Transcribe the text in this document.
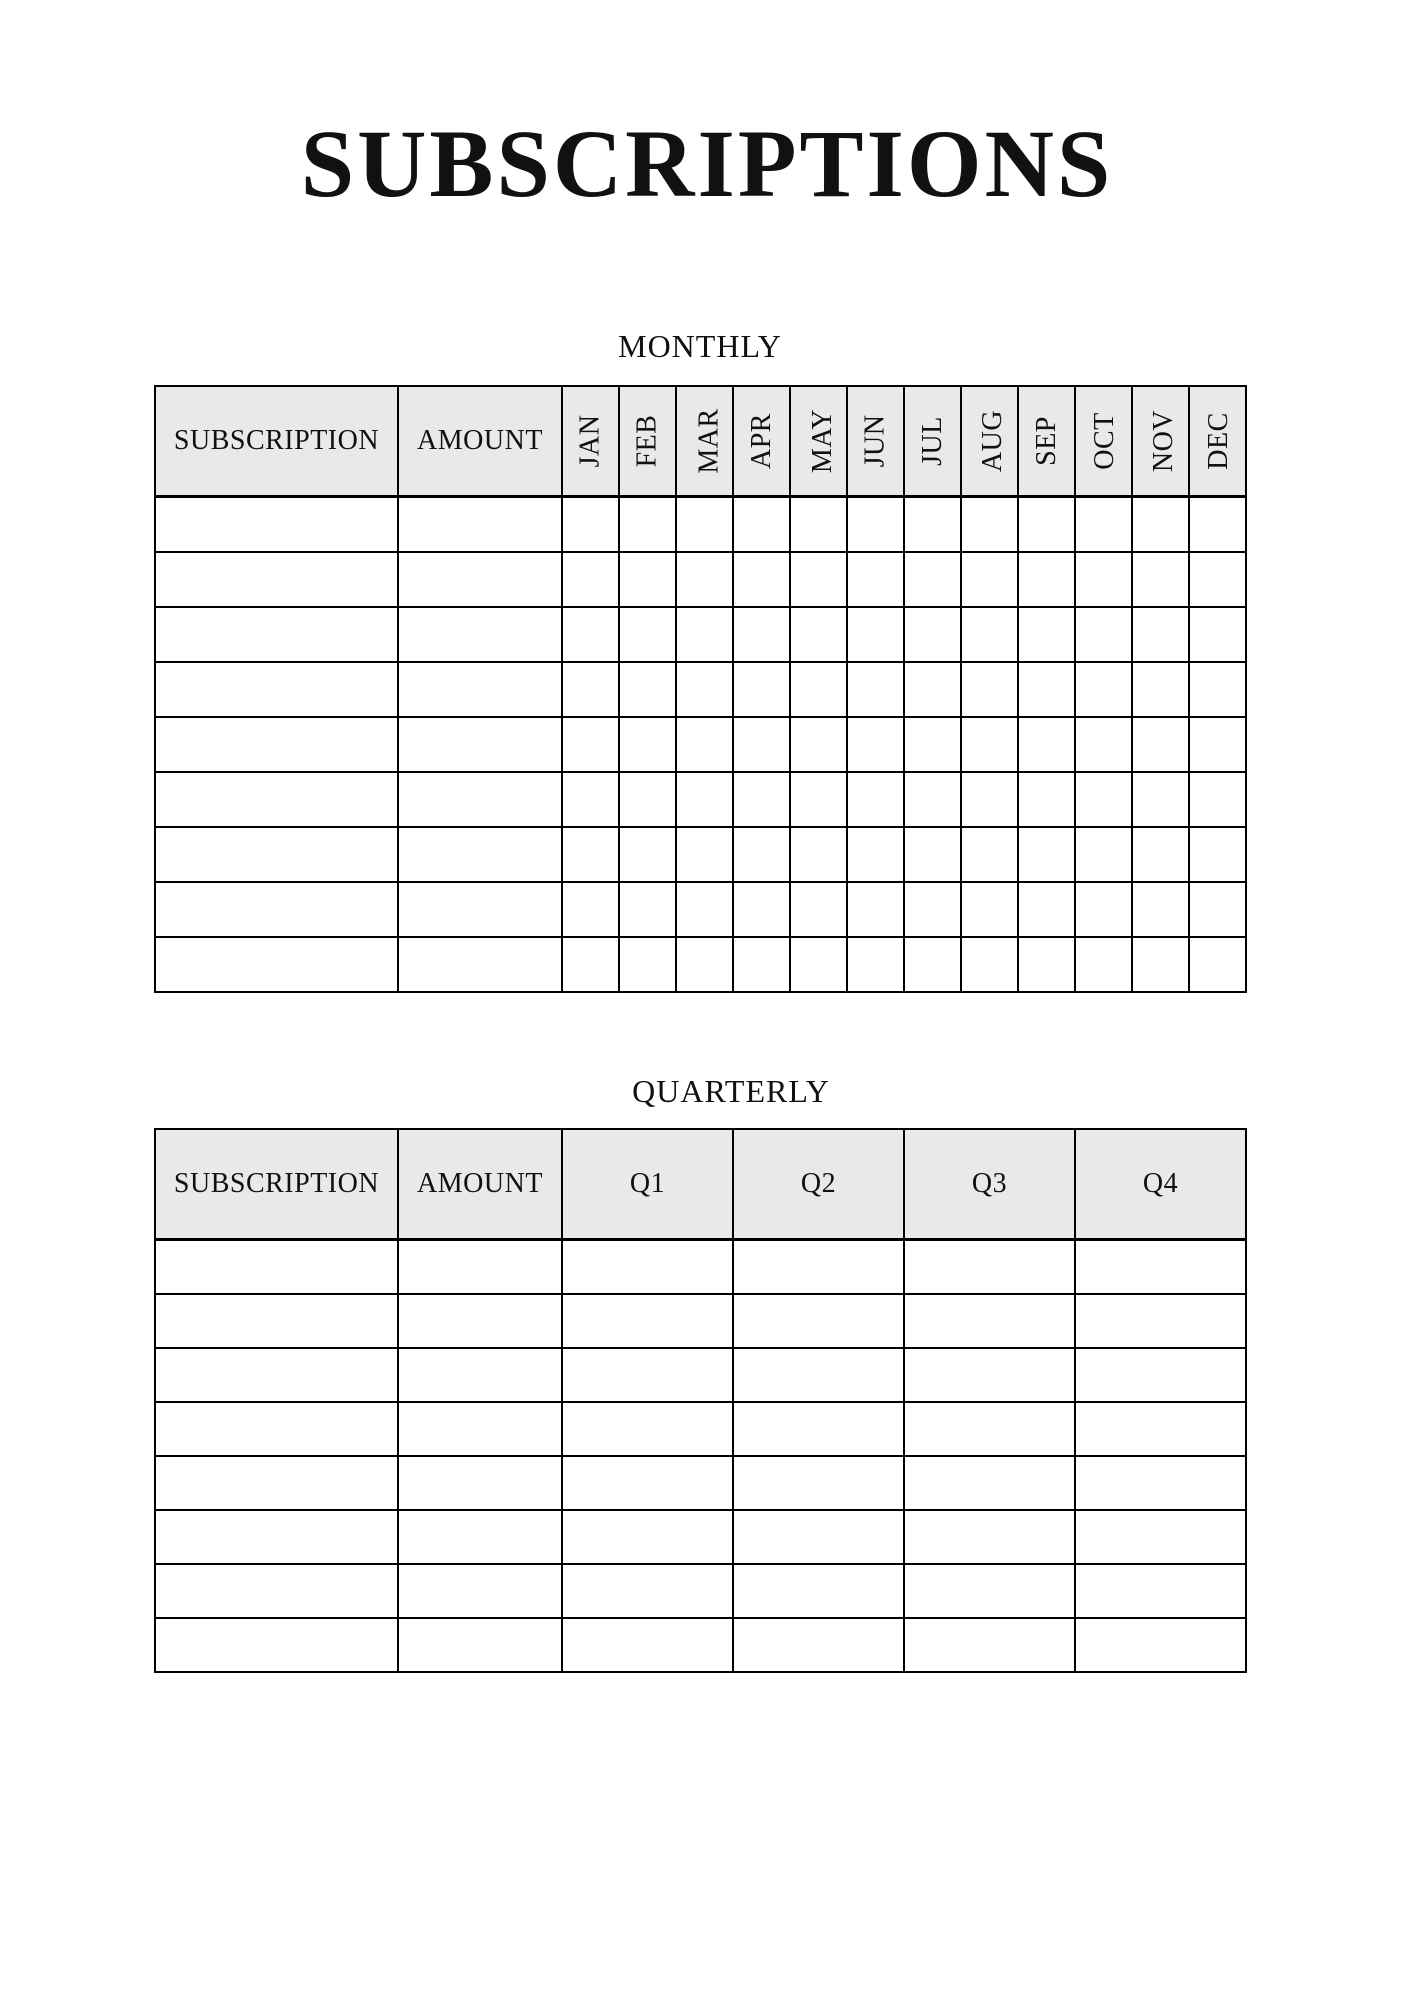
SUBSCRIPTIONS
MONTHLY
SUBSCRIPTION	AMOUNT	JAN	FEB	MAR	APR	MAY	JUN	JUL	AUG	SEP	OCT	NOV	DEC

QUARTERLY
SUBSCRIPTION	AMOUNT	Q1	Q2	Q3	Q4
